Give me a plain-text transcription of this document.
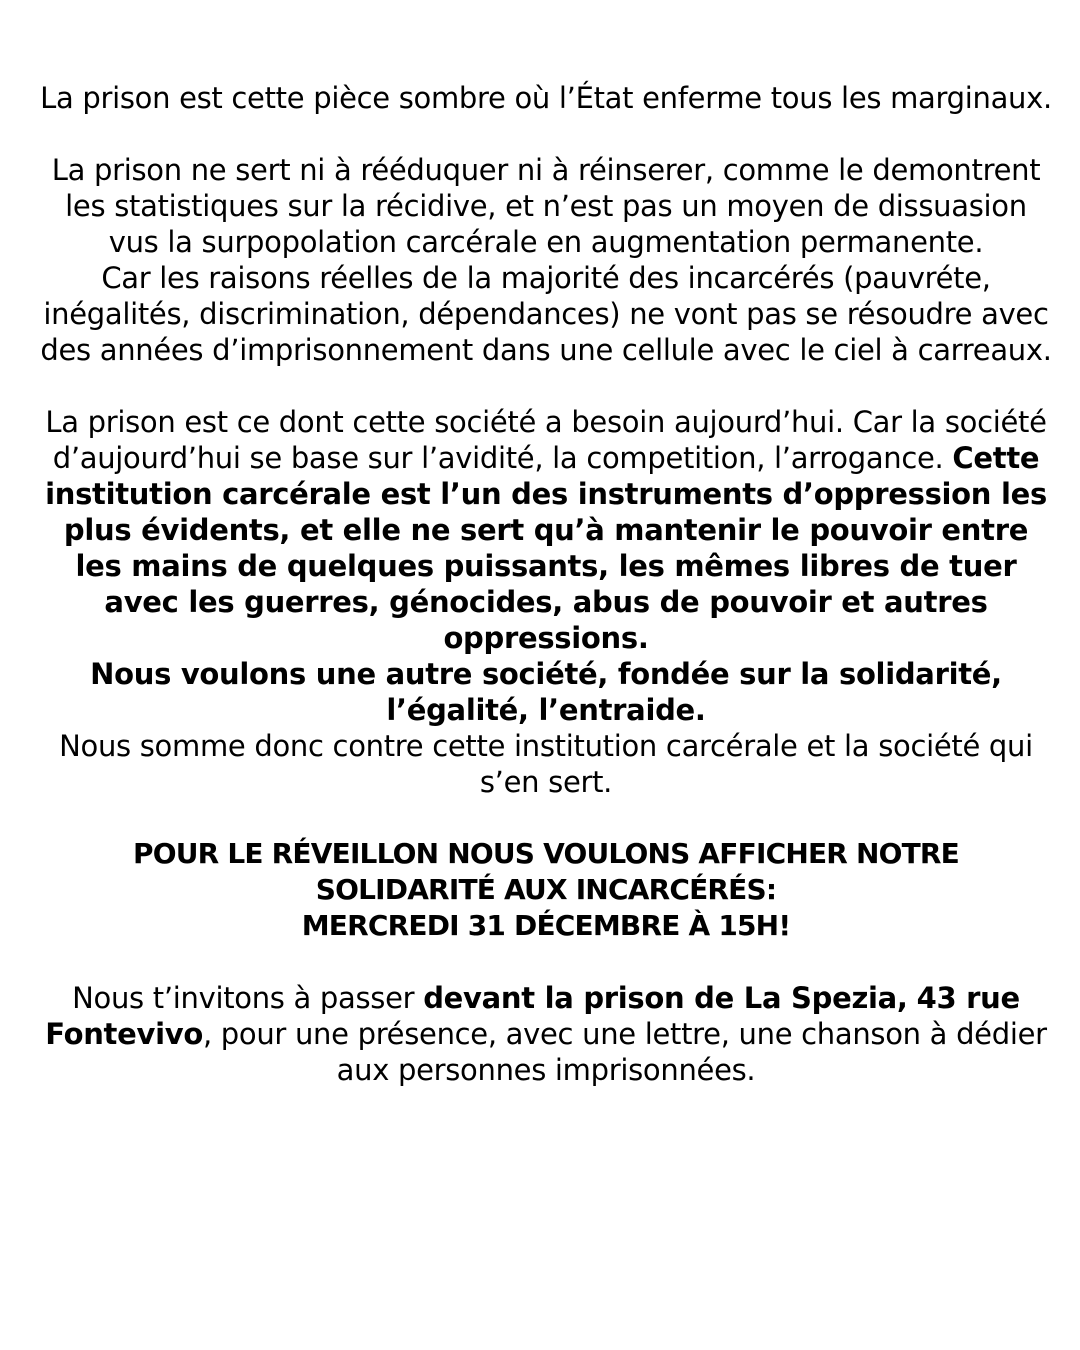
La prison est cette pièce sombre où l’État enferme tous les marginaux.

La prison ne sert ni à rééduquer ni à réinserer, comme le demontrent les statistiques sur la récidive, et n’est pas un moyen de dissuasion vus la surpopolation carcérale en augmentation permanente.
Car les raisons réelles de la majorité des incarcérés (pauvréte, inégalités, discrimination, dépendances) ne vont pas se résoudre avec des années d’imprisonnement dans une cellule avec le ciel à carreaux.

La prison est ce dont cette société a besoin aujourd’hui. Car la société d’aujourd’hui se base sur l’avidité, la competition, l’arrogance. Cette institution carcérale est l’un des instruments d’oppression les plus évidents, et elle ne sert qu’à mantenir le pouvoir entre les mains de quelques puissants, les mêmes libres de tuer avec les guerres, génocides, abus de pouvoir et autres oppressions.
Nous voulons une autre société, fondée sur la solidarité, l’égalité, l’entraide.
Nous somme donc contre cette institution carcérale et la société qui s’en sert.

POUR LE RÉVEILLON NOUS VOULONS AFFICHER NOTRE
SOLIDARITÉ AUX INCARCÉRÉS:
MERCREDI 31 DÉCEMBRE À 15H!

Nous t’invitons à passer devant la prison de La Spezia, 43 rue Fontevivo, pour une présence, avec une lettre, une chanson à dédier aux personnes imprisonnées.
